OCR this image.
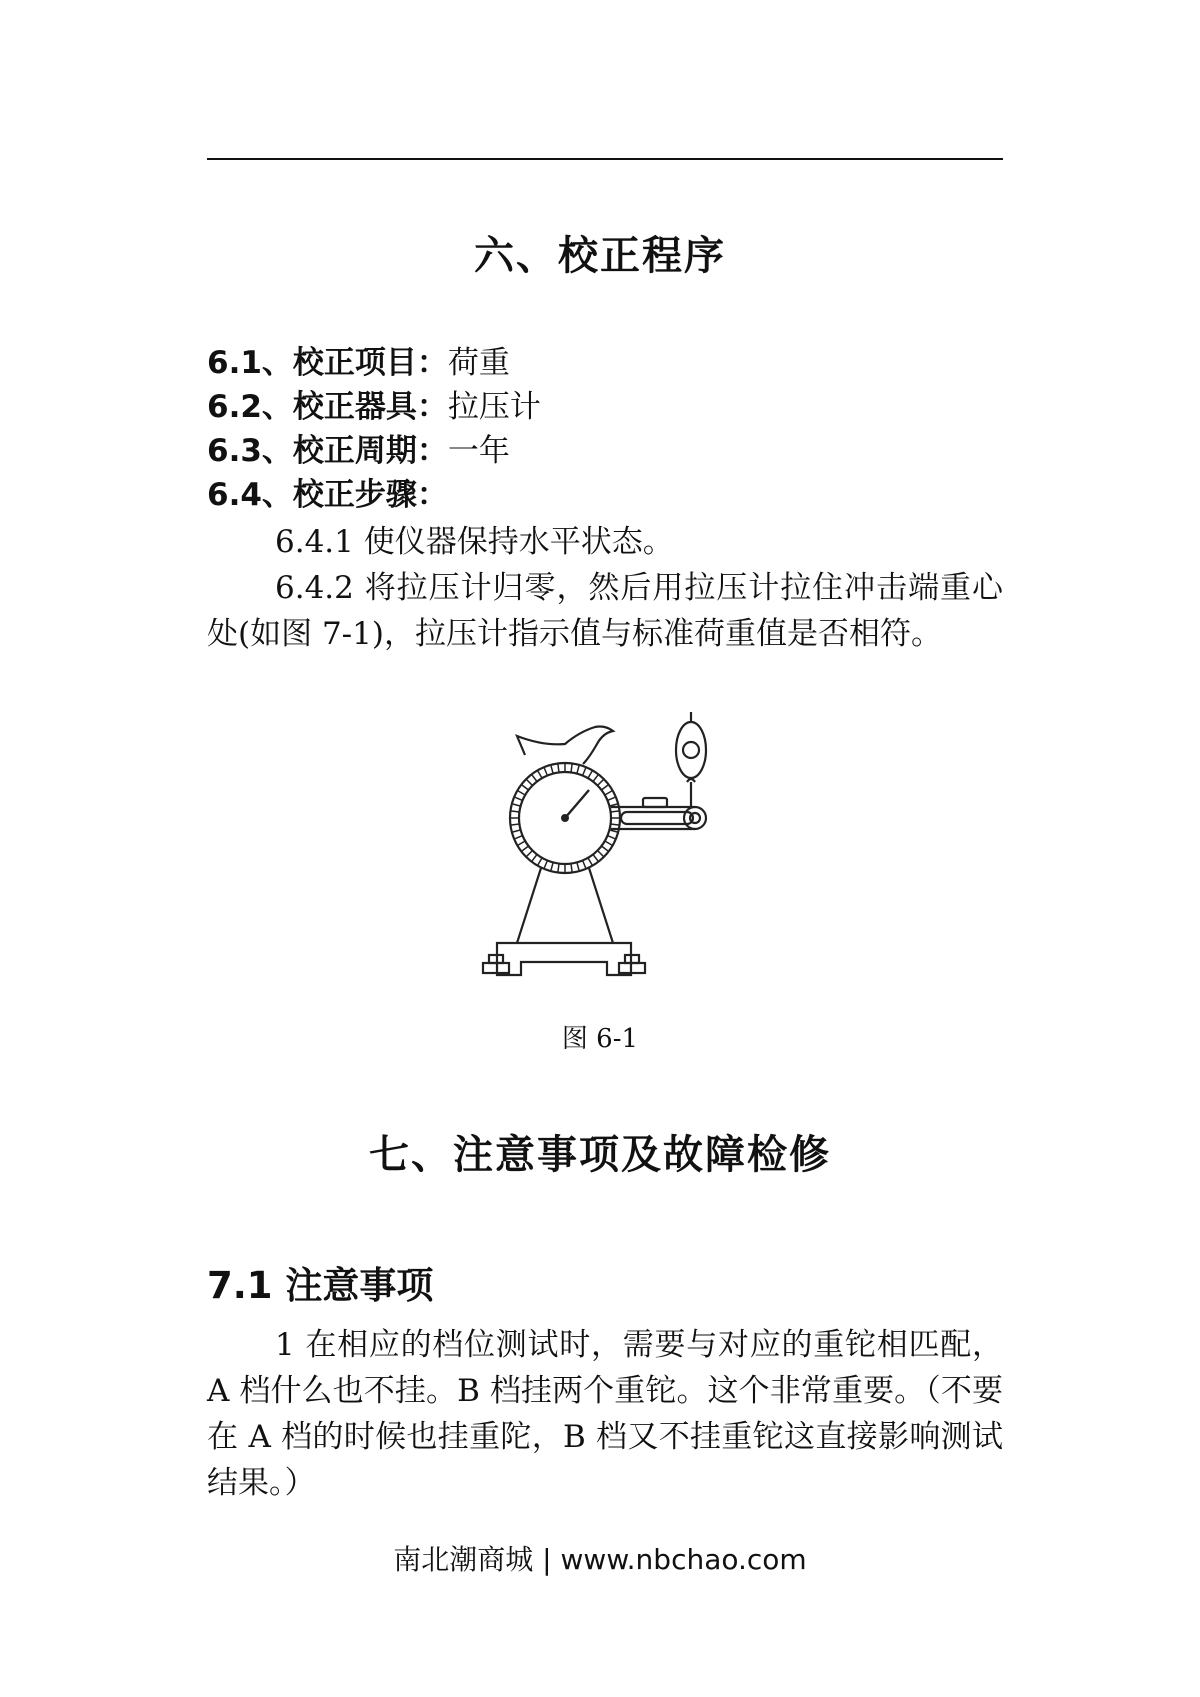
六、校正程序
6.1、校正项目：荷重
6.2、校正器具：拉压计
6.3、校正周期：一年
6.4、校正步骤：
6.4.1 使仪器保持水平状态。
6.4.2 将拉压计归零，然后用拉压计拉住冲击端重心处(如图 7-1)，拉压计指示值与标准荷重值是否相符。
图 6-1
七、注意事项及故障检修
7.1 注意事项
1 在相应的档位测试时，需要与对应的重铊相匹配，A 档什么也不挂。B 档挂两个重铊。这个非常重要。（不要在 A 档的时候也挂重陀，B 档又不挂重铊这直接影响测试结果。）
南北潮商城 | www.nbchao.com
